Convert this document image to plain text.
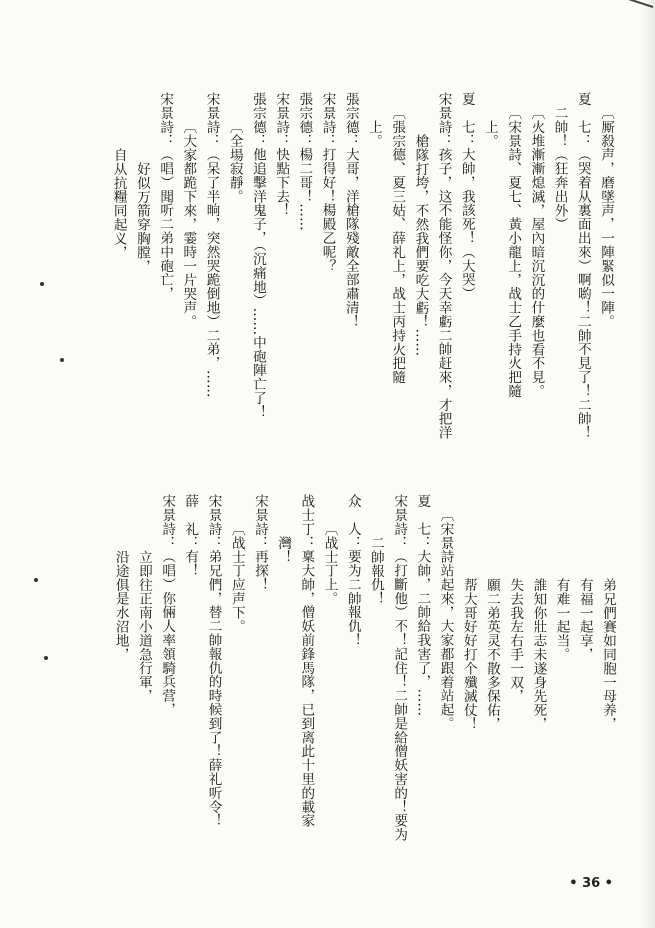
〔厮殺声，磨墜声，一陣緊似一陣。
夏　七：（哭着从裏面出來）啊喲！二帥不見了！二帥！
二帥！（狂奔出外）
〔火堆漸漸熄滅，屋內暗沉沉的什麼也看不見。
〔宋景詩、夏七、黃小龍上，战士乙手持火把隨
上。
夏　七：大帥，我該死！（大哭）
宋景詩：孩子，这不能怪你，今天幸虧二帥赶來，才把洋
槍隊打垮，不然我們要吃大虧！……
〔張宗德、夏三姑、薛礼上，战士丙持火把隨
上。
張宗德：大哥，洋槍隊殘敵全部肅清！
宋景詩：打得好！楊殿乙呢？
張宗德：楊二哥！……
宋景詩：快點下去！
張宗德：他追擊洋鬼子，（沉痛地）……中砲陣亡了！
〔全場寂靜。
宋景詩：（呆了半晌，突然哭跪倒地）二弟，……
〔大家都跪下來，霎時一片哭声。
宋景詩：（唱）聞听二弟中砲亡，
好似万箭穿胸膛，
自从抗糧同起义，
弟兄們賽如同胞一母养，
有福一起享，
有难一起当。
誰知你壯志未遂身先死，
失去我左右手一双，
願二弟英灵不散多保佑，
帮大哥好好打个殲滅仗！
〔宋景詩站起來，大家都跟着站起。
夏　七：大帥，二帥給我害了，……
宋景詩：（打斷他）不！記住！二帥是給僧妖害的！要为
二帥報仇！
众　人：要为二帥報仇！
〔战士丁上。
战士丁：稟大帥，僧妖前鋒馬隊，已到离此十里的載家
灣！
宋景詩：再探！
〔战士丁应声下。
宋景詩：弟兄們，替二帥報仇的時候到了！薛礼听令！
薛　礼：有！
宋景詩：（唱）你倆人率領騎兵营，
立即往正南小道急行軍，
沿途俱是水沼地，
• 36 •
